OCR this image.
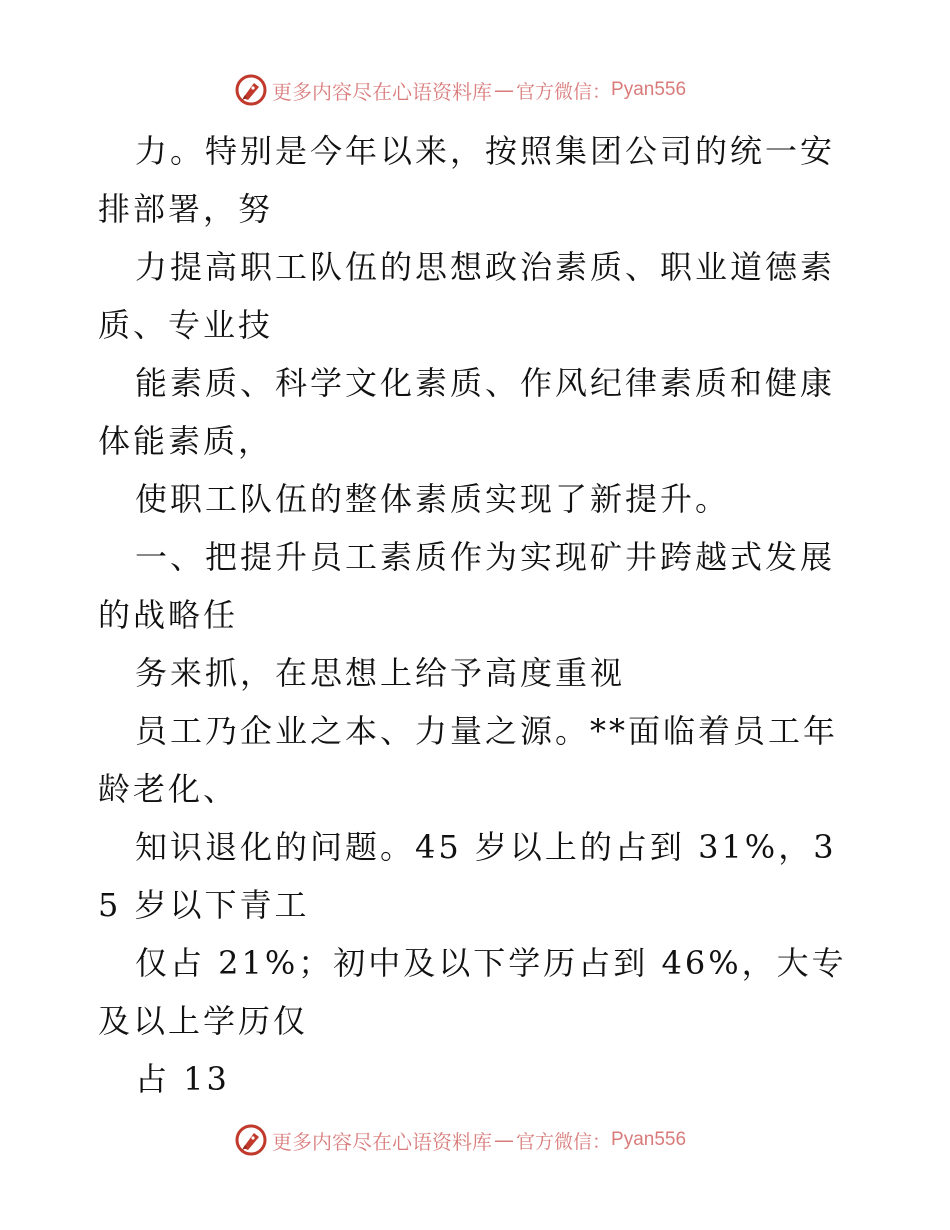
更多内容尽在心语资料库 — 官方微信： Pyan556

力。特别是今年以来，按照集团公司的统一安排部署，努

力提高职工队伍的思想政治素质、职业道德素质、专业技

能素质、科学文化素质、作风纪律素质和健康体能素质，

使职工队伍的整体素质实现了新提升。

一、把提升员工素质作为实现矿井跨越式发展的战略任

务来抓，在思想上给予高度重视

员工乃企业之本、力量之源。**面临着员工年龄老化、

知识退化的问题。45 岁以上的占到 31%，35 岁以下青工

仅占 21%；初中及以下学历占到 46%，大专及以上学历仅

占 13

更多内容尽在心语资料库 — 官方微信： Pyan556
